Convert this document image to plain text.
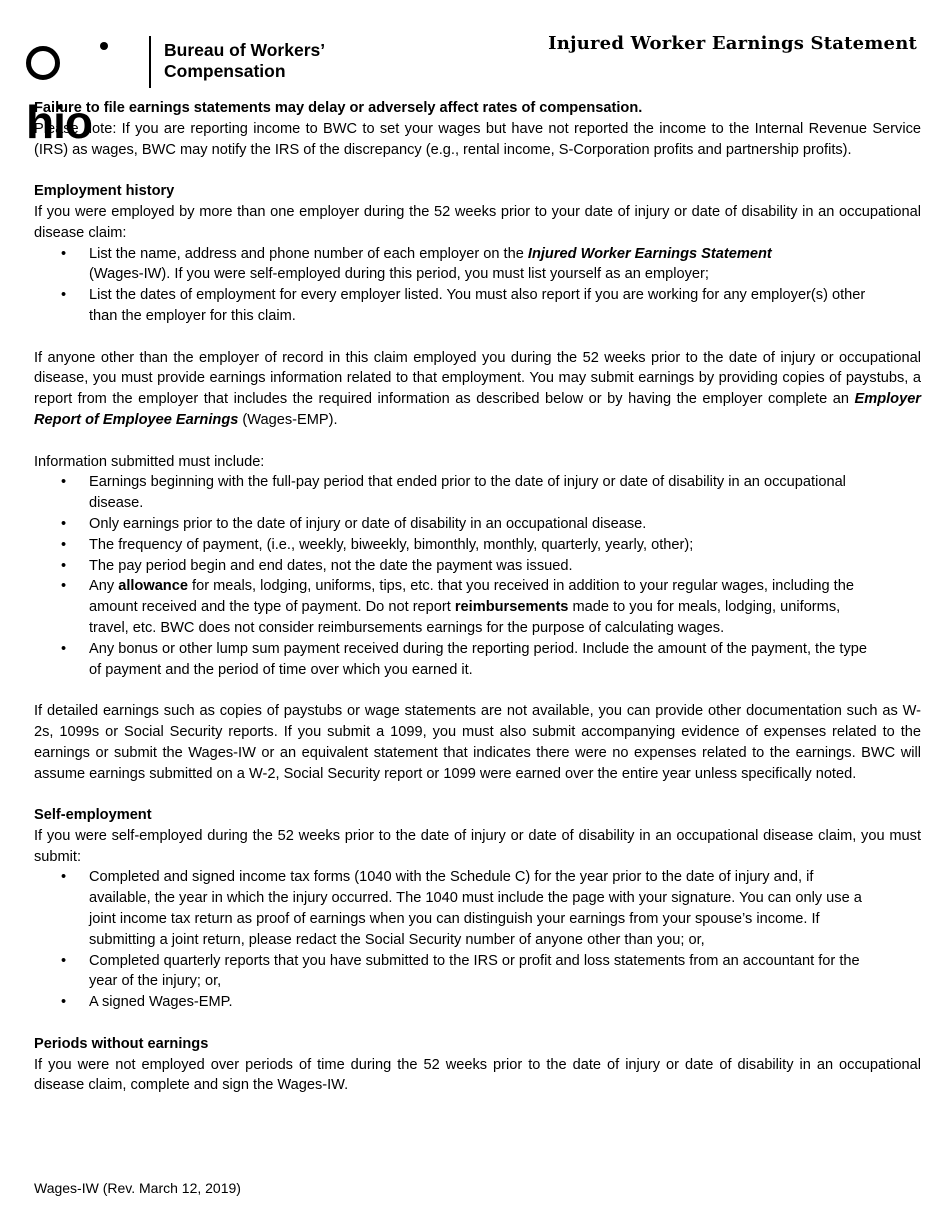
hio
Bureau of Workers’
Compensation
Injured Worker Earnings Statement

Failure to file earnings statements may delay or adversely affect rates of compensation.

Please note: If you are reporting income to BWC to set your wages but have not reported the income to the Internal Revenue Service (IRS) as wages, BWC may notify the IRS of the discrepancy (e.g., rental income, S-Corporation profits and partnership profits).

Employment history

If you were employed by more than one employer during the 52 weeks prior to your date of injury or date of disability in an occupational disease claim:

• List the name, address and phone number of each employer on the Injured Worker Earnings Statement
(Wages-IW). If you were self-employed during this period, you must list yourself as an employer;
• List the dates of employment for every employer listed. You must also report if you are working for any employer(s) other than the employer for this claim.

If anyone other than the employer of record in this claim employed you during the 52 weeks prior to the date of injury or occupational disease, you must provide earnings information related to that employment. You may submit earnings by providing copies of paystubs, a report from the employer that includes the required information as described below or by having the employer complete an Employer Report of Employee Earnings (Wages-EMP).

Information submitted must include:

• Earnings beginning with the full-pay period that ended prior to the date of injury or date of disability in an occupational disease.
• Only earnings prior to the date of injury or date of disability in an occupational disease.
• The frequency of payment, (i.e., weekly, biweekly, bimonthly, monthly, quarterly, yearly, other);
• The pay period begin and end dates, not the date the payment was issued.
• Any allowance for meals, lodging, uniforms, tips, etc. that you received in addition to your regular wages, including the amount received and the type of payment. Do not report reimbursements made to you for meals, lodging, uniforms, travel, etc. BWC does not consider reimbursements earnings for the purpose of calculating wages.
• Any bonus or other lump sum payment received during the reporting period. Include the amount of the payment, the type of payment and the period of time over which you earned it.

If detailed earnings such as copies of paystubs or wage statements are not available, you can provide other documentation such as W-2s, 1099s or Social Security reports. If you submit a 1099, you must also submit accompanying evidence of expenses related to the earnings or submit the Wages-IW or an equivalent statement that indicates there were no expenses related to the earnings. BWC will assume earnings submitted on a W-2, Social Security report or 1099 were earned over the entire year unless specifically noted.

Self-employment

If you were self-employed during the 52 weeks prior to the date of injury or date of disability in an occupational disease claim, you must submit:

• Completed and signed income tax forms (1040 with the Schedule C) for the year prior to the date of injury and, if available, the year in which the injury occurred. The 1040 must include the page with your signature. You can only use a joint income tax return as proof of earnings when you can distinguish your earnings from your spouse’s income. If submitting a joint return, please redact the Social Security number of anyone other than you; or,
• Completed quarterly reports that you have submitted to the IRS or profit and loss statements from an accountant for the year of the injury; or,
• A signed Wages-EMP.

Periods without earnings

If you were not employed over periods of time during the 52 weeks prior to the date of injury or date of disability in an occupational disease claim, complete and sign the Wages-IW.

Wages-IW (Rev. March 12, 2019)
